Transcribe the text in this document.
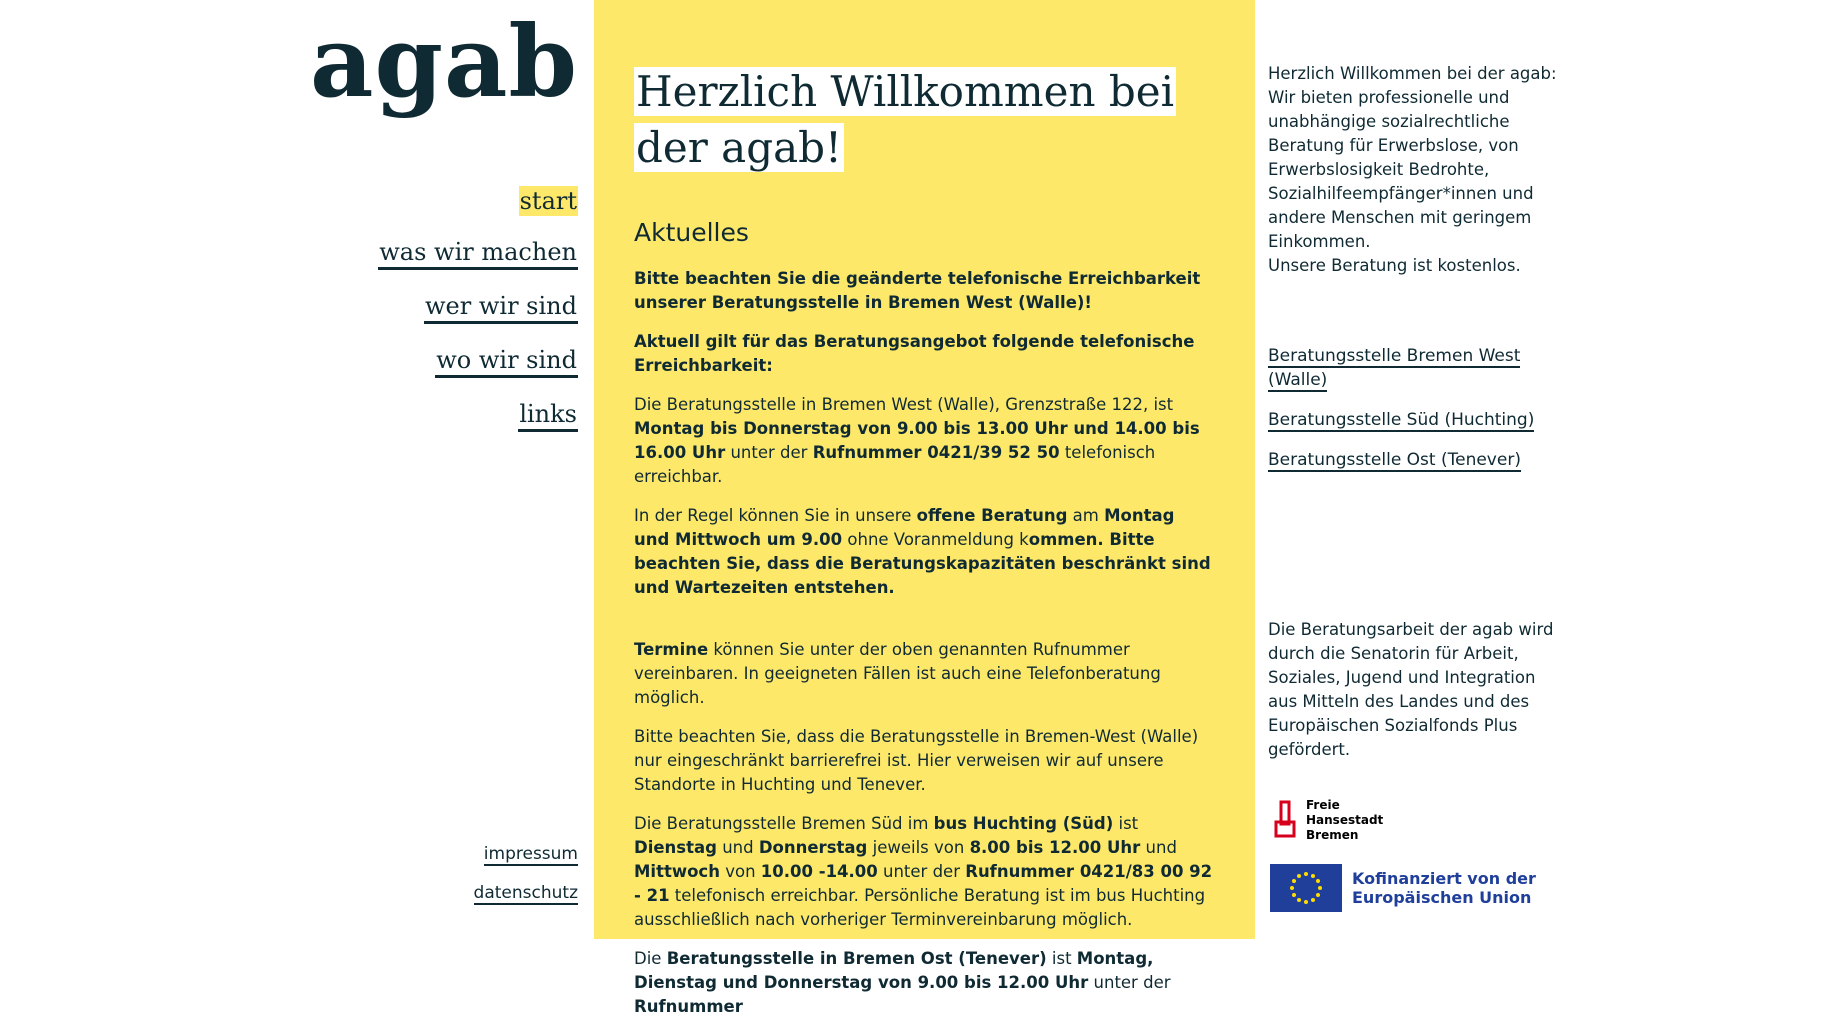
agab
start
was wir machen
wer wir sind
wo wir sind
links
impressum
datenschutz
Herzlich Willkommen bei der agab!
Aktuelles

Bitte beachten Sie die geänderte telefonische Erreichbarkeit unserer Beratungsstelle in Bremen West (Walle)!

Aktuell gilt für das Beratungsangebot folgende telefonische Erreichbarkeit:

Die Beratungsstelle in Bremen West (Walle), Grenzstraße 122, ist Montag bis Donnerstag von 9.00 bis 13.00 Uhr und 14.00 bis 16.00 Uhr unter der Rufnummer 0421/39 52 50 telefonisch erreichbar.

In der Regel können Sie in unsere offene Beratung am Montag und Mittwoch um 9.00 ohne Voranmeldung kommen. Bitte beachten Sie, dass die Beratungskapazitäten beschränkt sind und Wartezeiten entstehen.

Termine können Sie unter der oben genannten Rufnummer vereinbaren. In geeigneten Fällen ist auch eine Telefonberatung möglich.

Bitte beachten Sie, dass die Beratungsstelle in Bremen-West (Walle) nur eingeschränkt barrierefrei ist. Hier verweisen wir auf unsere Standorte in Huchting und Tenever.

Die Beratungsstelle Bremen Süd im bus Huchting (Süd) ist Dienstag und Donnerstag jeweils von 8.00 bis 12.00 Uhr und Mittwoch von 10.00 -14.00 unter der Rufnummer 0421/83 00 92 - 21 telefonisch erreichbar. Persönliche Beratung ist im bus Huchting ausschließlich nach vorheriger Terminvereinbarung möglich.

Die Beratungsstelle in Bremen Ost (Tenever) ist Montag, Dienstag und Donnerstag von 9.00 bis 12.00 Uhr unter der Rufnummer

Herzlich Willkommen bei der agab: Wir bieten professionelle und unabhängige sozialrechtliche Beratung für Erwerbslose, von Erwerbslosigkeit Bedrohte, Sozialhilfeempfänger*innen und andere Menschen mit geringem Einkommen.
Unsere Beratung ist kostenlos.

Beratungsstelle Bremen West (Walle)
Beratungsstelle Süd (Huchting)
Beratungsstelle Ost (Tenever)

Die Beratungsarbeit der agab wird durch die Senatorin für Arbeit, Soziales, Jugend und Integration aus Mitteln des Landes und des Europäischen Sozialfonds Plus gefördert.

Freie
Hansestadt
Bremen
Kofinanziert von der
Europäischen Union
